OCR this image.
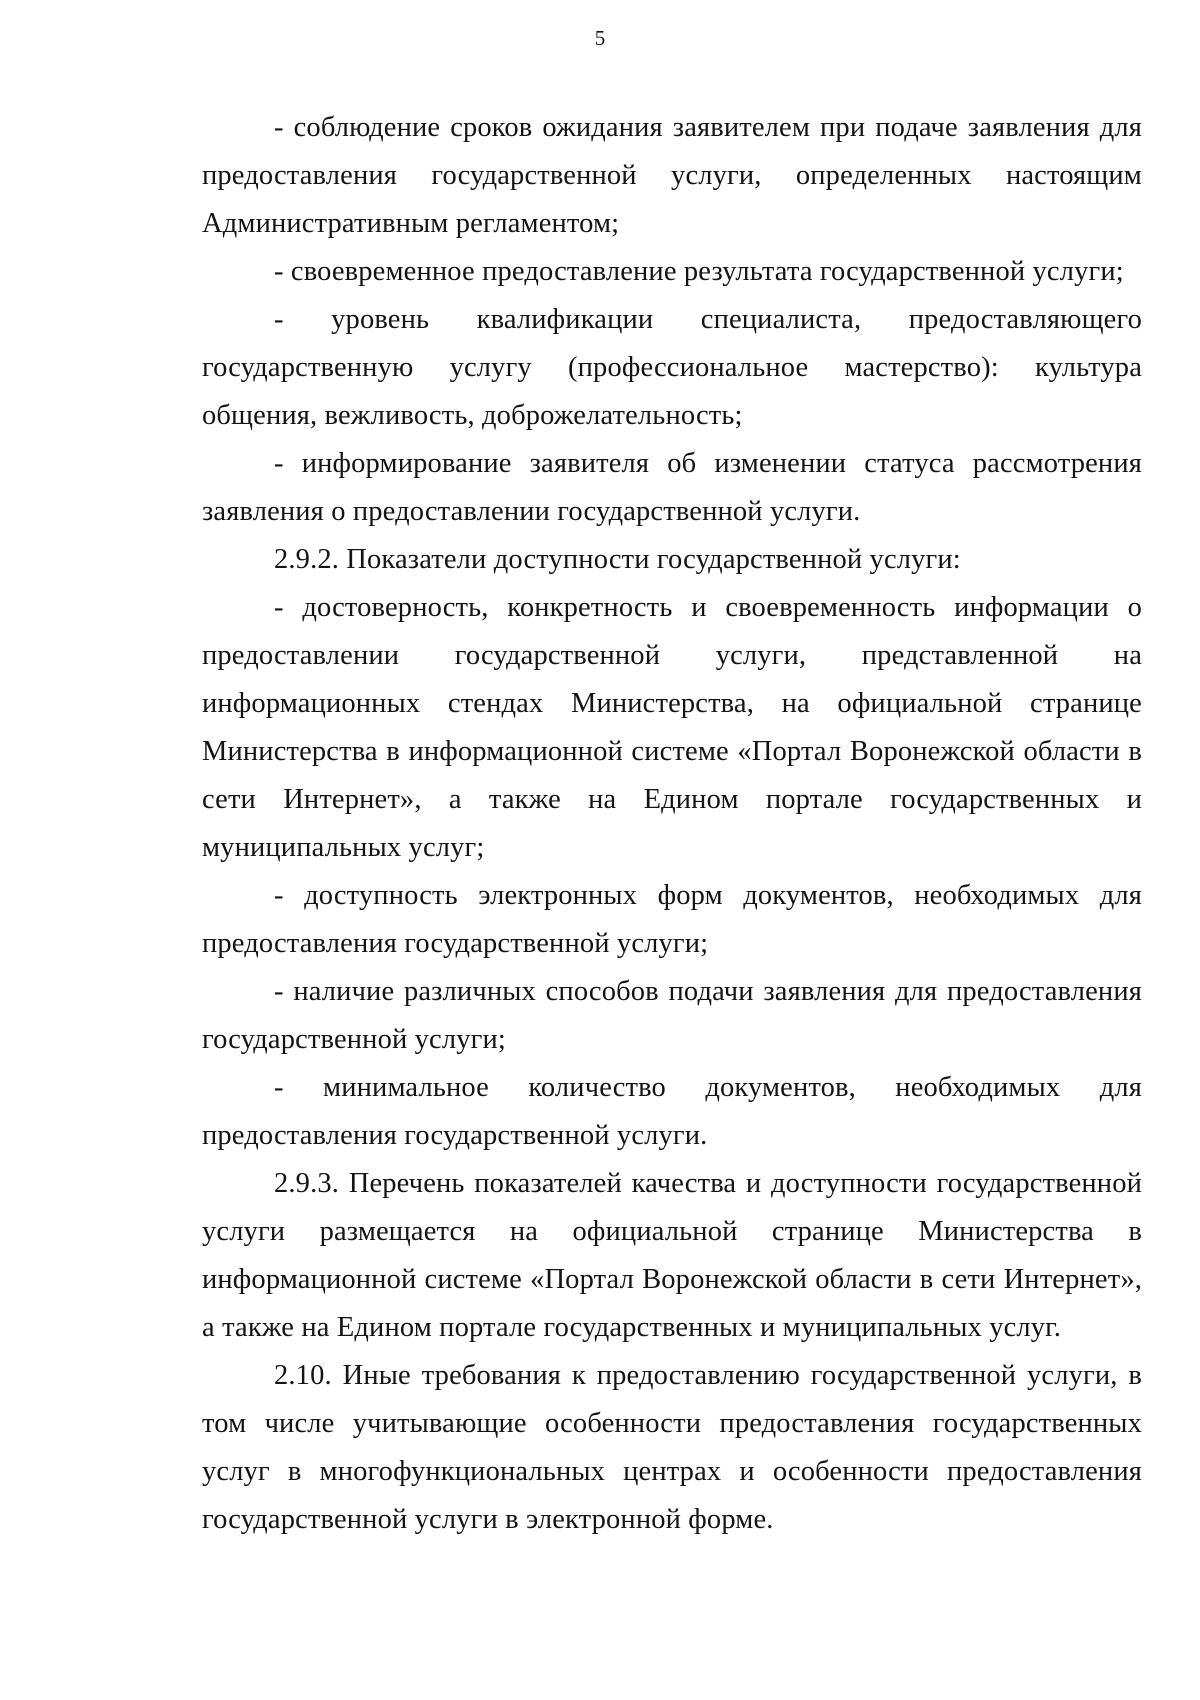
5

- соблюдение сроков ожидания заявителем при подаче заявления для предоставления государственной услуги, определенных настоящим Административным регламентом;

- своевременное предоставление результата государственной услуги;

- уровень квалификации специалиста, предоставляющего государственную услугу (профессиональное мастерство): культура общения, вежливость, доброжелательность;

- информирование заявителя об изменении статуса рассмотрения заявления о предоставлении государственной услуги.

2.9.2. Показатели доступности государственной услуги:

- достоверность, конкретность и своевременность информации о предоставлении государственной услуги, представленной на информационных стендах Министерства, на официальной странице Министерства в информационной системе «Портал Воронежской области в сети Интернет», а также на Едином портале государственных и муниципальных услуг;

- доступность электронных форм документов, необходимых для предоставления государственной услуги;

- наличие различных способов подачи заявления для предоставления государственной услуги;

- минимальное количество документов, необходимых для предоставления государственной услуги.

2.9.3. Перечень показателей качества и доступности государственной услуги размещается на официальной странице Министерства в информационной системе «Портал Воронежской области в сети Интернет», а также на Едином портале государственных и муниципальных услуг.

2.10. Иные требования к предоставлению государственной услуги, в том числе учитывающие особенности предоставления государственных услуг в многофункциональных центрах и особенности предоставления государственной услуги в электронной форме.
